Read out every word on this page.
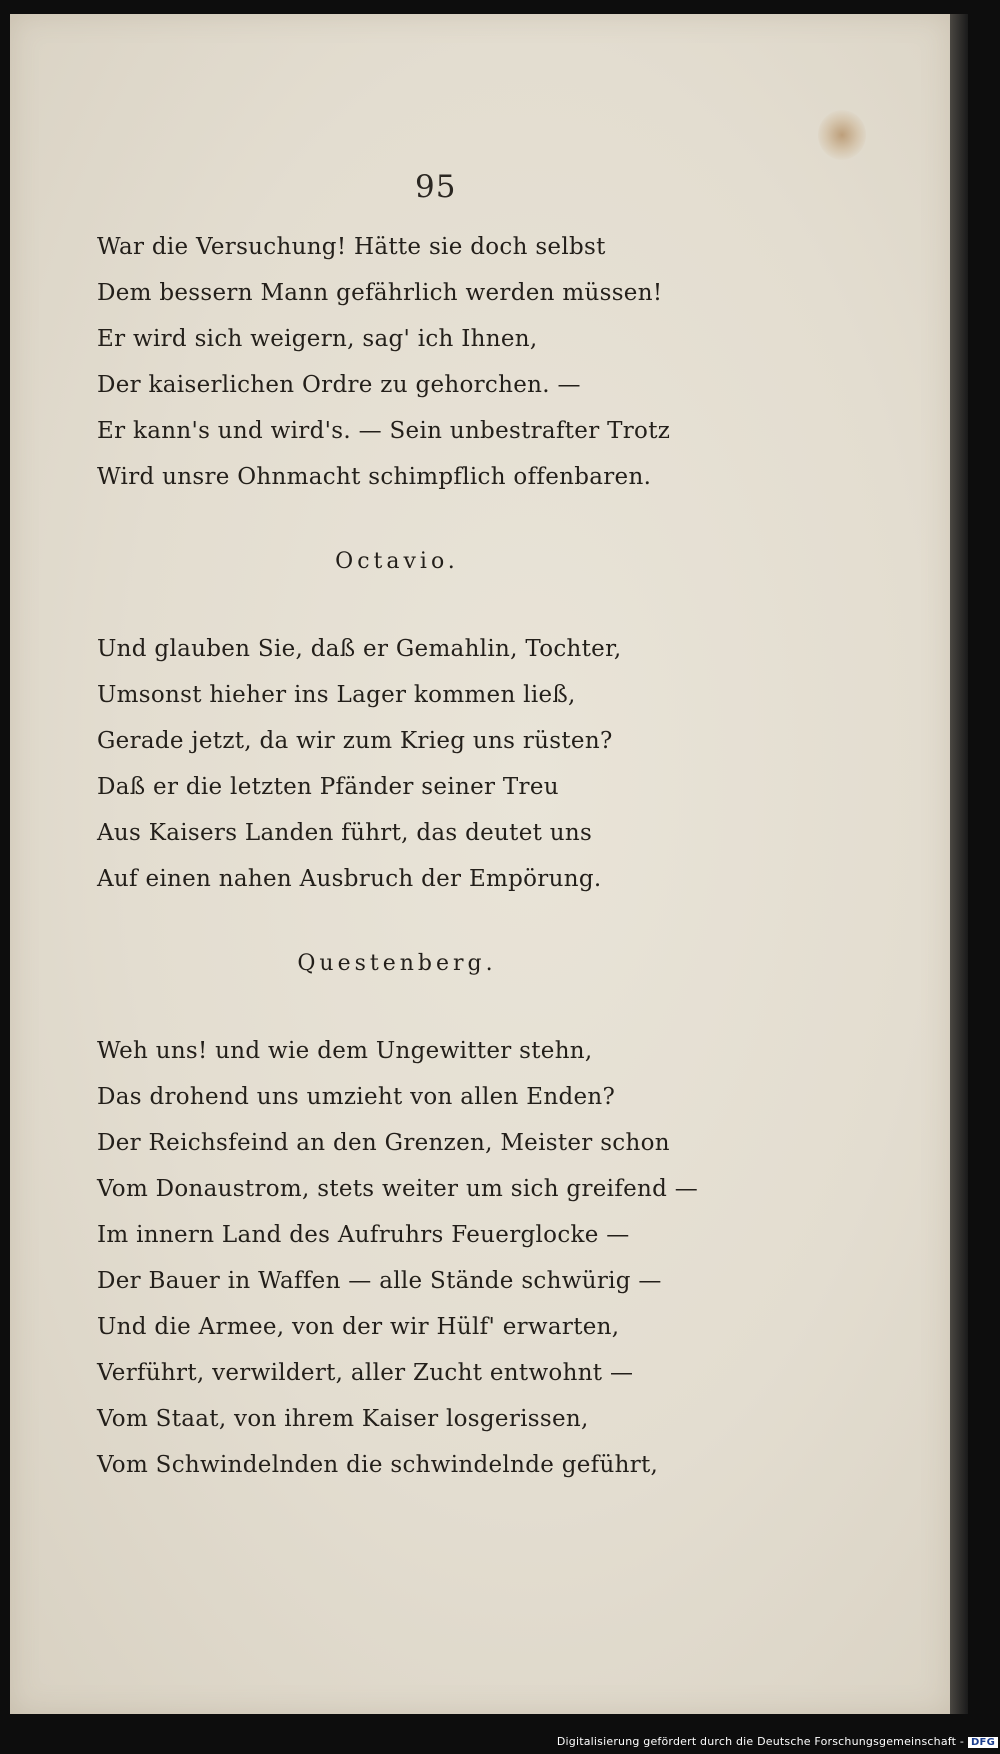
95
War die Versuchung! Hätte sie doch selbst
Dem bessern Mann gefährlich werden müssen!
Er wird sich weigern, sag' ich Ihnen,
Der kaiserlichen Ordre zu gehorchen. —
Er kann's und wird's. — Sein unbestrafter Trotz
Wird unsre Ohnmacht schimpflich offenbaren.
Octavio.
Und glauben Sie, daß er Gemahlin, Tochter,
Umsonst hieher ins Lager kommen ließ,
Gerade jetzt, da wir zum Krieg uns rüsten?
Daß er die letzten Pfänder seiner Treu
Aus Kaisers Landen führt, das deutet uns
Auf einen nahen Ausbruch der Empörung.
Questenberg.
Weh uns! und wie dem Ungewitter stehn,
Das drohend uns umzieht von allen Enden?
Der Reichsfeind an den Grenzen, Meister schon
Vom Donaustrom, stets weiter um sich greifend —
Im innern Land des Aufruhrs Feuerglocke —
Der Bauer in Waffen — alle Stände schwürig —
Und die Armee, von der wir Hülf' erwarten,
Verführt, verwildert, aller Zucht entwohnt —
Vom Staat, von ihrem Kaiser losgerissen,
Vom Schwindelnden die schwindelnde geführt,
Digitalisierung gefördert durch die Deutsche Forschungsgemeinschaft - DFG
